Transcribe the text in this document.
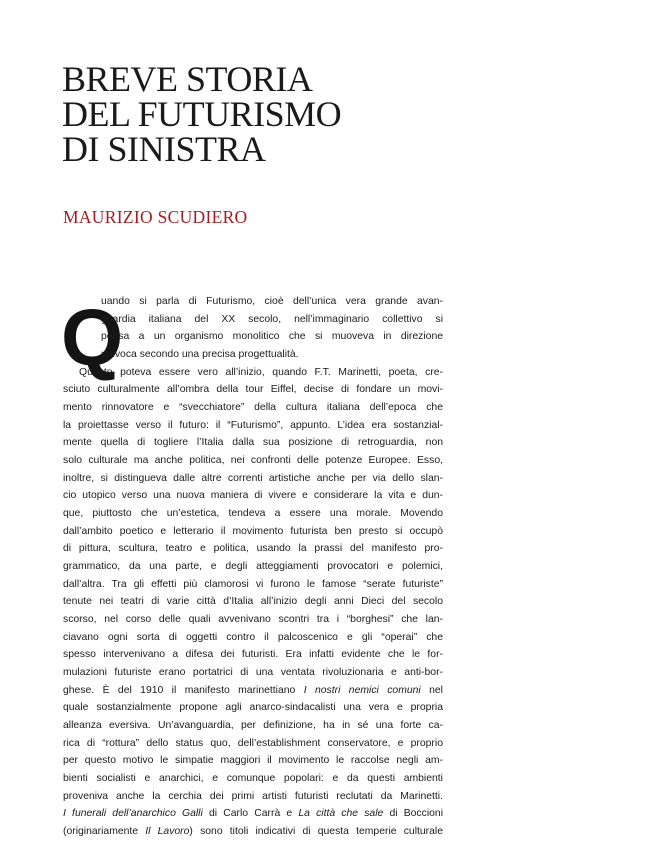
BREVE STORIA
DEL FUTURISMO
DI SINISTRA
MAURIZIO SCUDIERO
Q
uando si parla di Futurismo, cioè dell’unica vera grande avan-
guardia italiana del XX secolo, nell’immaginario collettivo si
pensa a un organismo monolitico che si muoveva in direzione
univoca secondo una precisa progettualità.
Questo poteva essere vero all’inizio, quando F.T. Marinetti, poeta, cre-
sciuto culturalmente all’ombra della tour Eiffel, decise di fondare un movi-
mento rinnovatore e “svecchiatore” della cultura italiana dell’epoca che
la proiettasse verso il futuro: il “Futurismo”, appunto. L’idea era sostanzial-
mente quella di togliere l’Italia dalla sua posizione di retroguardia, non
solo culturale ma anche politica, nei confronti delle potenze Europee. Esso,
inoltre, si distingueva dalle altre correnti artistiche anche per via dello slan-
cio utopico verso una nuova maniera di vivere e considerare la vita e dun-
que, piuttosto che un’estetica, tendeva a essere una morale. Movendo
dall’ambito poetico e letterario il movimento futurista ben presto si occupò
di pittura, scultura, teatro e politica, usando la prassi del manifesto pro-
grammatico, da una parte, e degli atteggiamenti provocatori e polemici,
dall’altra. Tra gli effetti più clamorosi vi furono le famose “serate futuriste”
tenute nei teatri di varie città d’Italia all’inizio degli anni Dieci del secolo
scorso, nel corso delle quali avvenivano scontri tra i “borghesi” che lan-
ciavano ogni sorta di oggetti contro il palcoscenico e gli “operai” che
spesso intervenivano a difesa dei futuristi. Era infatti evidente che le for-
mulazioni futuriste erano portatrici di una ventata rivoluzionaria e anti-bor-
ghese. È del 1910 il manifesto marinettiano I nostri nemici comuni nel
quale sostanzialmente propone agli anarco-sindacalisti una vera e propria
alleanza eversiva. Un’avanguardia, per definizione, ha in sé una forte ca-
rica di “rottura” dello status quo, dell’establishment conservatore, e proprio
per questo motivo le simpatie maggiori il movimento le raccolse negli am-
bienti socialisti e anarchici, e comunque popolari: e da questi ambienti
proveniva anche la cerchia dei primi artisti futuristi reclutati da Marinetti.
I funerali dell’anarchico Galli di Carlo Carrà e La città che sale di Boccioni
(originariamente Il Lavoro) sono titoli indicativi di questa temperie culturale
